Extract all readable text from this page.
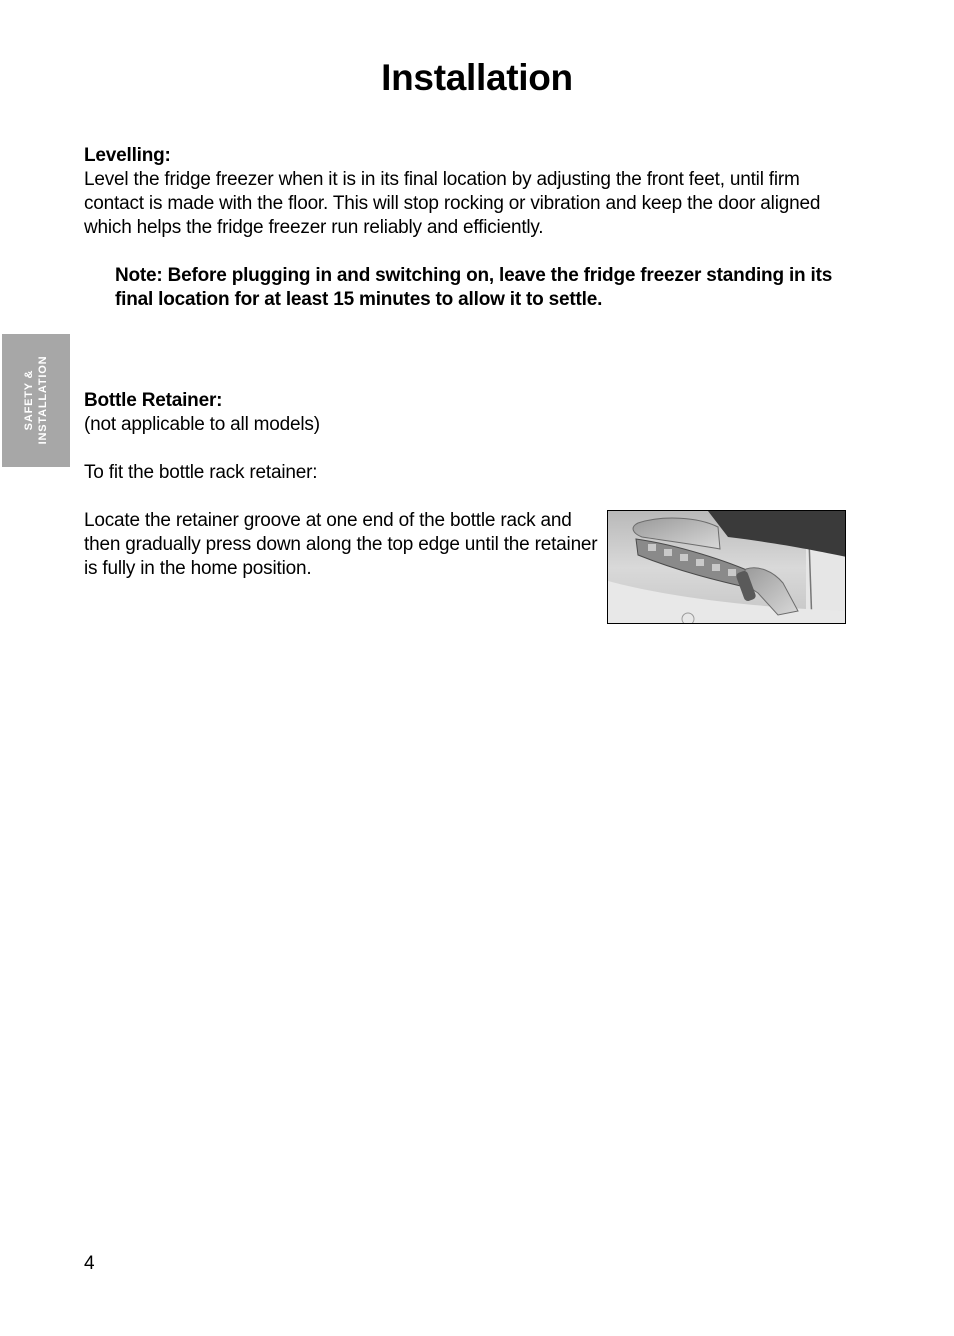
Installation
SAFETY & INSTALLATION
Levelling:
Level the fridge freezer when it is in its final location by adjusting the front feet, until firm contact is made with the floor. This will stop rocking or vibration and keep the door aligned which helps the fridge freezer run reliably and efficiently.
Note: Before plugging in and switching on, leave the fridge freezer standing in its final location for at least 15 minutes to allow it to settle.
Bottle Retainer:
(not applicable to all models)
To fit the bottle rack retainer:
Locate the retainer groove at one end of the bottle rack and then gradually press down along the top edge until the retainer is fully in the home position.
4
